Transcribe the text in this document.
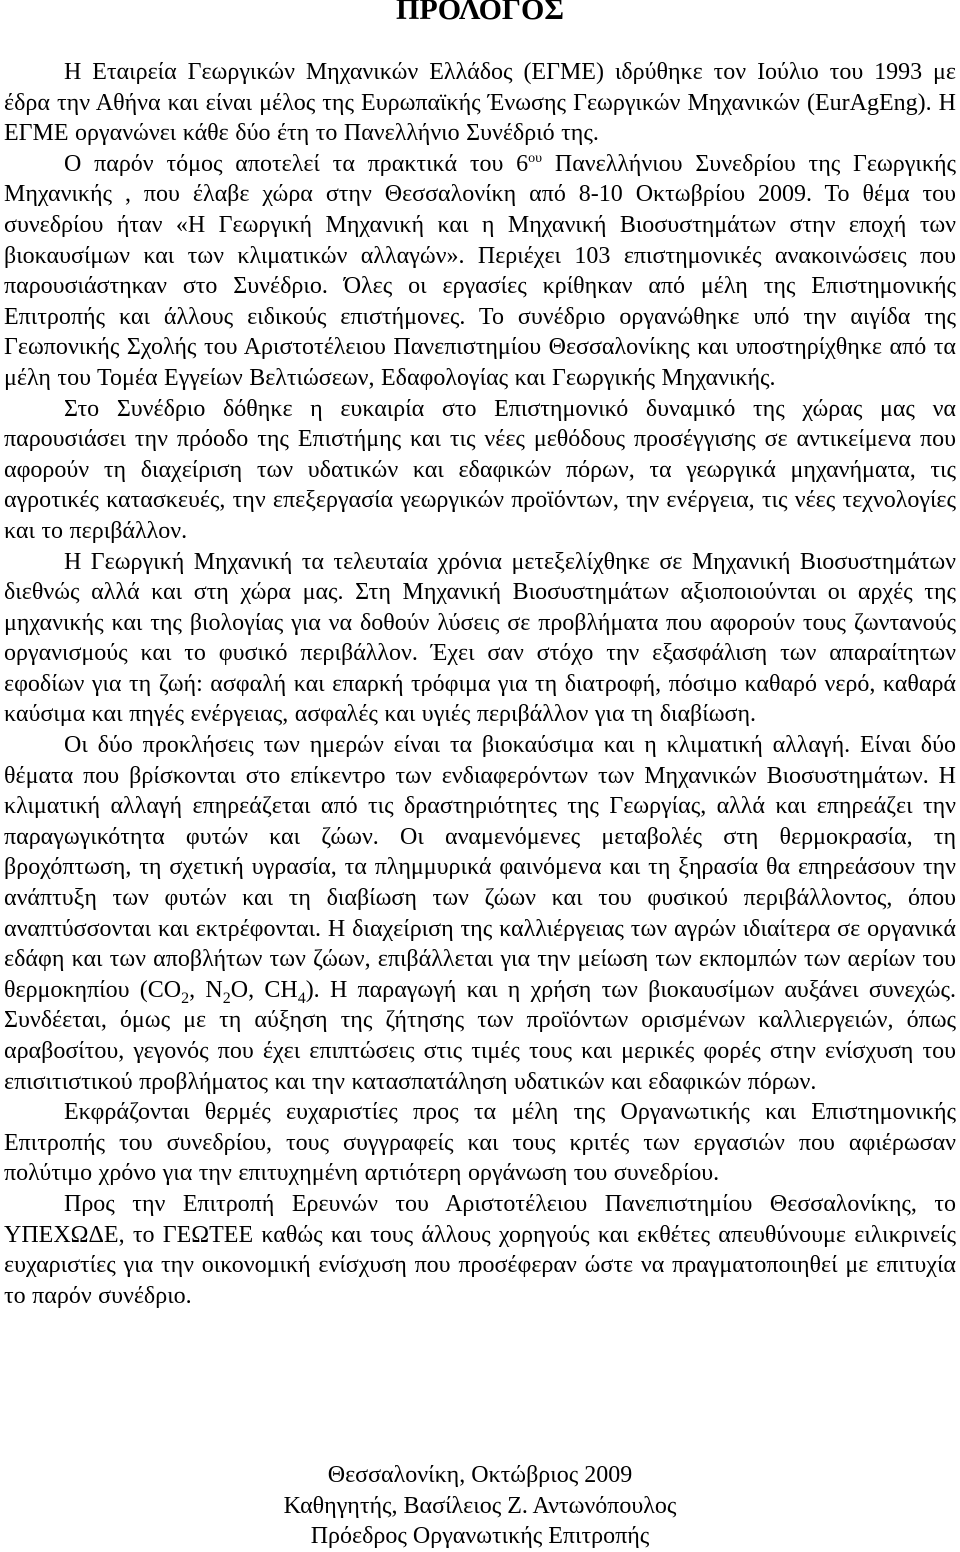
ΠΡΟΛΟΓΟΣ

Η Εταιρεία Γεωργικών Μηχανικών Ελλάδος (ΕΓΜΕ) ιδρύθηκε τον Ιούλιο του 1993 με έδρα την Αθήνα και είναι μέλος της Ευρωπαϊκής Ένωσης Γεωργικών Μηχανικών (EurAgEng). Η ΕΓΜΕ οργανώνει κάθε δύο έτη το Πανελλήνιο Συνέδριό της.

Ο παρόν τόμος αποτελεί τα πρακτικά του $6^{o\upsilon}$ Πανελλήνιου Συνεδρίου της Γεωργικής Μηχανικής , που έλαβε χώρα στην Θεσσαλονίκη από 8-10 Οκτωβρίου 2009. Το θέμα του συνεδρίου ήταν «Η Γεωργική Μηχανική και η Μηχανική Βιοσυστημάτων στην εποχή των βιοκαυσίμων και των κλιματικών αλλαγών». Περιέχει 103 επιστημονικές ανακοινώσεις που παρουσιάστηκαν στο Συνέδριο. Όλες οι εργασίες κρίθηκαν από μέλη της Επιστημονικής Επιτροπής και άλλους ειδικούς επιστήμονες. Το συνέδριο οργανώθηκε υπό την αιγίδα της Γεωπονικής Σχολής του Αριστοτέλειου Πανεπιστημίου Θεσσαλονίκης και υποστηρίχθηκε από τα μέλη του Τομέα Εγγείων Βελτιώσεων, Εδαφολογίας και Γεωργικής Μηχανικής.

Στο Συνέδριο δόθηκε η ευκαιρία στο Επιστημονικό δυναμικό της χώρας μας να παρουσιάσει την πρόοδο της Επιστήμης και τις νέες μεθόδους προσέγγισης σε αντικείμενα που αφορούν τη διαχείριση των υδατικών και εδαφικών πόρων, τα γεωργικά μηχανήματα, τις αγροτικές κατασκευές, την επεξεργασία γεωργικών προϊόντων, την ενέργεια, τις νέες τεχνολογίες και το περιβάλλον.

Η Γεωργική Μηχανική τα τελευταία χρόνια μετεξελίχθηκε σε Μηχανική Βιοσυστημάτων διεθνώς αλλά και στη χώρα μας. Στη Μηχανική Βιοσυστημάτων αξιοποιούνται οι αρχές της μηχανικής και της βιολογίας για να δοθούν λύσεις σε προβλήματα που αφορούν τους ζωντανούς οργανισμούς και το φυσικό περιβάλλον. Έχει σαν στόχο την εξασφάλιση των απαραίτητων εφοδίων για τη ζωή: ασφαλή και επαρκή τρόφιμα για τη διατροφή, πόσιμο καθαρό νερό, καθαρά καύσιμα και πηγές ενέργειας, ασφαλές και υγιές περιβάλλον για τη διαβίωση.

Οι δύο προκλήσεις των ημερών είναι τα βιοκαύσιμα και η κλιματική αλλαγή. Είναι δύο θέματα που βρίσκονται στο επίκεντρο των ενδιαφερόντων των Μηχανικών Βιοσυστημάτων. Η κλιματική αλλαγή επηρεάζεται από τις δραστηριότητες της Γεωργίας, αλλά και επηρεάζει την παραγωγικότητα φυτών και ζώων. Οι αναμενόμενες μεταβολές στη θερμοκρασία, τη βροχόπτωση, τη σχετική υγρασία, τα πλημμυρικά φαινόμενα και τη ξηρασία θα επηρεάσουν την ανάπτυξη των φυτών και τη διαβίωση των ζώων και του φυσικού περιβάλλοντος, όπου αναπτύσσονται και εκτρέφονται. Η διαχείριση της καλλιέργειας των αγρών ιδιαίτερα σε οργανικά εδάφη και των αποβλήτων των ζώων, επιβάλλεται για την μείωση των εκπομπών των αερίων του θερμοκηπίου ($CO_2$, $N_2O$, $CH_4$). Η παραγωγή και η χρήση των βιοκαυσίμων αυξάνει συνεχώς. Συνδέεται, όμως με τη αύξηση της ζήτησης των προϊόντων ορισμένων καλλιεργειών, όπως αραβοσίτου, γεγονός που έχει επιπτώσεις στις τιμές τους και μερικές φορές στην ενίσχυση του επισιτιστικού προβλήματος και την κατασπατάληση υδατικών και εδαφικών πόρων.

Εκφράζονται θερμές ευχαριστίες προς τα μέλη της Οργανωτικής και Επιστημονικής Επιτροπής του συνεδρίου, τους συγγραφείς και τους κριτές των εργασιών που αφιέρωσαν πολύτιμο χρόνο για την επιτυχημένη αρτιότερη οργάνωση του συνεδρίου.

Προς την Επιτροπή Ερευνών του Αριστοτέλειου Πανεπιστημίου Θεσσαλονίκης, το ΥΠΕΧΩΔΕ, το ΓΕΩΤΕΕ καθώς και τους άλλους χορηγούς και εκθέτες απευθύνουμε ειλικρινείς ευχαριστίες για την οικονομική ενίσχυση που προσέφεραν ώστε να πραγματοποιηθεί με επιτυχία το παρόν συνέδριο.

Θεσσαλονίκη, Οκτώβριος 2009
Καθηγητής, Βασίλειος Ζ. Αντωνόπουλος
Πρόεδρος Οργανωτικής Επιτροπής
